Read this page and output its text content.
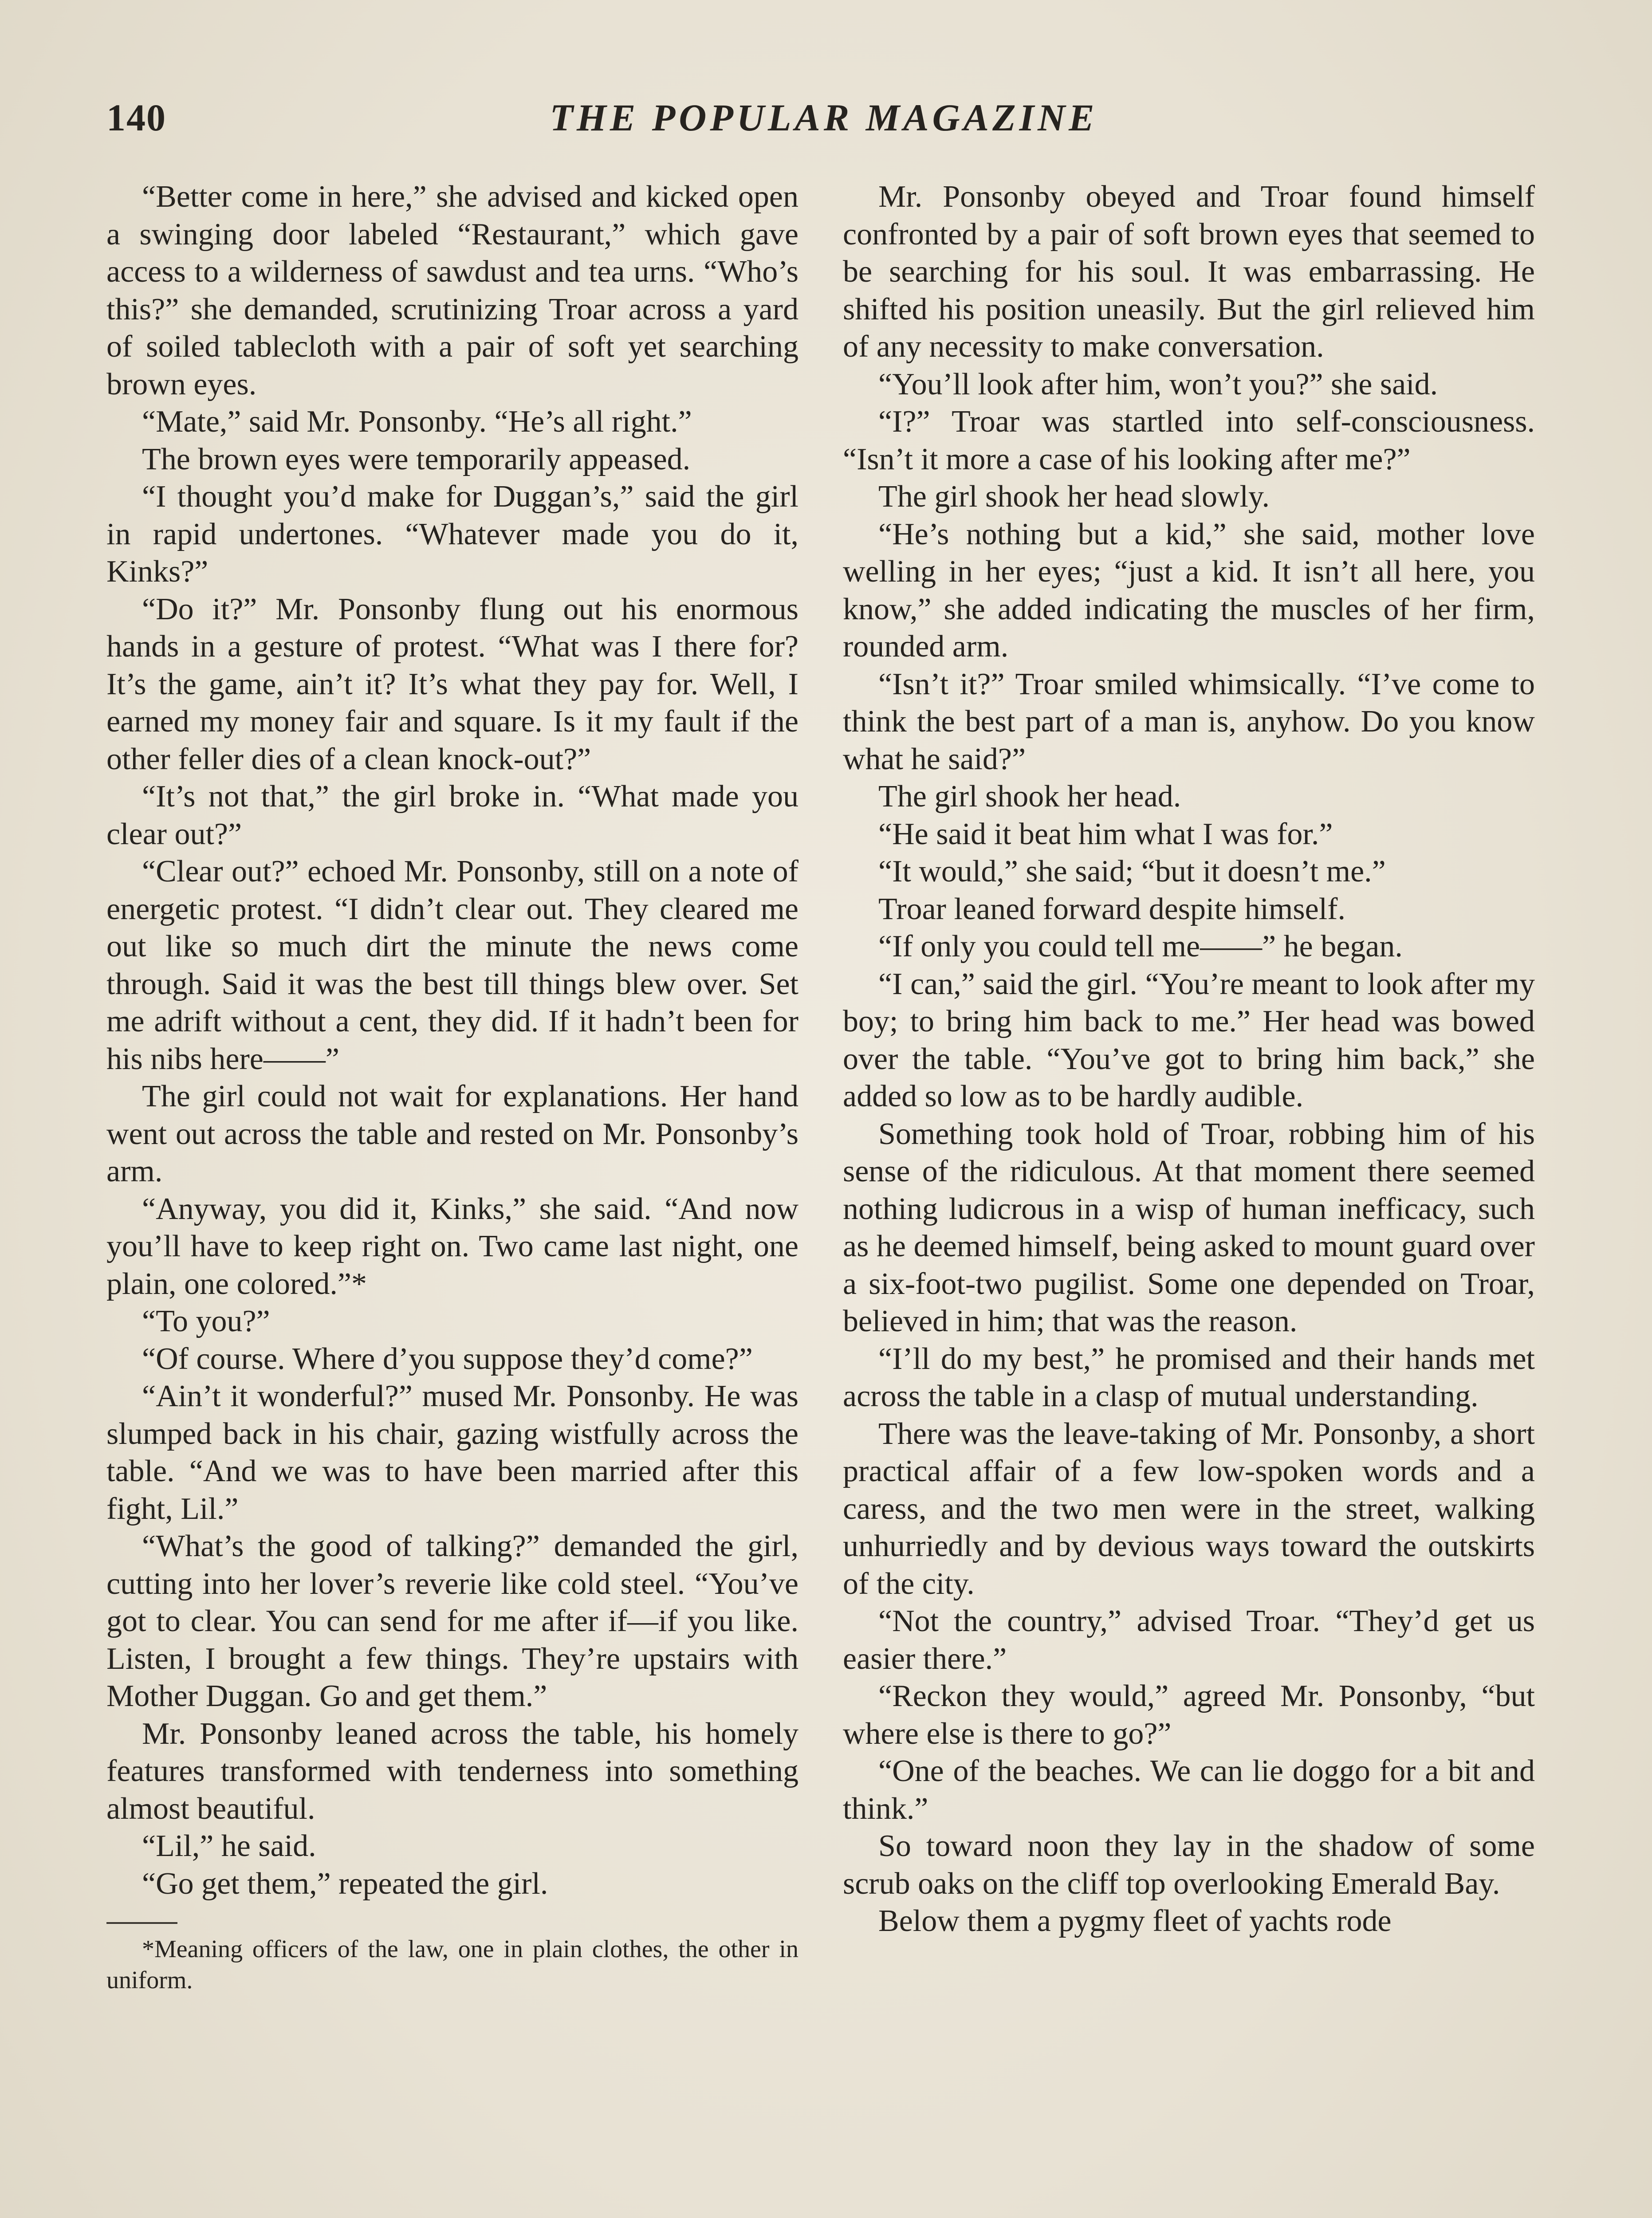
140	THE POPULAR MAGAZINE

“Better come in here,” she advised and kicked open a swinging door labeled “Restaurant,” which gave access to a wilderness of sawdust and tea urns. “Who’s this?” she demanded, scrutinizing Troar across a yard of soiled tablecloth with a pair of soft yet searching brown eyes.

“Mate,” said Mr. Ponsonby. “He’s all right.”

The brown eyes were temporarily appeased.

“I thought you’d make for Duggan’s,” said the girl in rapid undertones. “Whatever made you do it, Kinks?”

“Do it?” Mr. Ponsonby flung out his enormous hands in a gesture of protest. “What was I there for? It’s the game, ain’t it? It’s what they pay for. Well, I earned my money fair and square. Is it my fault if the other feller dies of a clean knock-out?”

“It’s not that,” the girl broke in. “What made you clear out?”

“Clear out?” echoed Mr. Ponsonby, still on a note of energetic protest. “I didn’t clear out. They cleared me out like so much dirt the minute the news come through. Said it was the best till things blew over. Set me adrift without a cent, they did. If it hadn’t been for his nibs here——”

The girl could not wait for explanations. Her hand went out across the table and rested on Mr. Ponsonby’s arm.

“Anyway, you did it, Kinks,” she said. “And now you’ll have to keep right on. Two came last night, one plain, one colored.”*

“To you?”

“Of course. Where d’you suppose they’d come?”

“Ain’t it wonderful?” mused Mr. Ponsonby. He was slumped back in his chair, gazing wistfully across the table. “And we was to have been married after this fight, Lil.”

“What’s the good of talking?” demanded the girl, cutting into her lover’s reverie like cold steel. “You’ve got to clear. You can send for me after if—if you like. Listen, I brought a few things. They’re upstairs with Mother Duggan. Go and get them.”

Mr. Ponsonby leaned across the table, his homely features transformed with tenderness into something almost beautiful.

“Lil,” he said.

“Go get them,” repeated the girl.

*Meaning officers of the law, one in plain clothes, the other in uniform.

Mr. Ponsonby obeyed and Troar found himself confronted by a pair of soft brown eyes that seemed to be searching for his soul. It was embarrassing. He shifted his position uneasily. But the girl relieved him of any necessity to make conversation.

“You’ll look after him, won’t you?” she said.

“I?” Troar was startled into self-consciousness. “Isn’t it more a case of his looking after me?”

The girl shook her head slowly.

“He’s nothing but a kid,” she said, mother love welling in her eyes; “just a kid. It isn’t all here, you know,” she added indicating the muscles of her firm, rounded arm.

“Isn’t it?” Troar smiled whimsically. “I’ve come to think the best part of a man is, anyhow. Do you know what he said?”

The girl shook her head.

“He said it beat him what I was for.”

“It would,” she said; “but it doesn’t me.”

Troar leaned forward despite himself.

“If only you could tell me——” he began.

“I can,” said the girl. “You’re meant to look after my boy; to bring him back to me.” Her head was bowed over the table. “You’ve got to bring him back,” she added so low as to be hardly audible.

Something took hold of Troar, robbing him of his sense of the ridiculous. At that moment there seemed nothing ludicrous in a wisp of human inefficacy, such as he deemed himself, being asked to mount guard over a six-foot-two pugilist. Some one depended on Troar, believed in him; that was the reason.

“I’ll do my best,” he promised and their hands met across the table in a clasp of mutual understanding.

There was the leave-taking of Mr. Ponsonby, a short practical affair of a few low-spoken words and a caress, and the two men were in the street, walking unhurriedly and by devious ways toward the outskirts of the city.

“Not the country,” advised Troar. “They’d get us easier there.”

“Reckon they would,” agreed Mr. Ponsonby, “but where else is there to go?”

“One of the beaches. We can lie doggo for a bit and think.”

So toward noon they lay in the shadow of some scrub oaks on the cliff top overlooking Emerald Bay.

Below them a pygmy fleet of yachts rode
